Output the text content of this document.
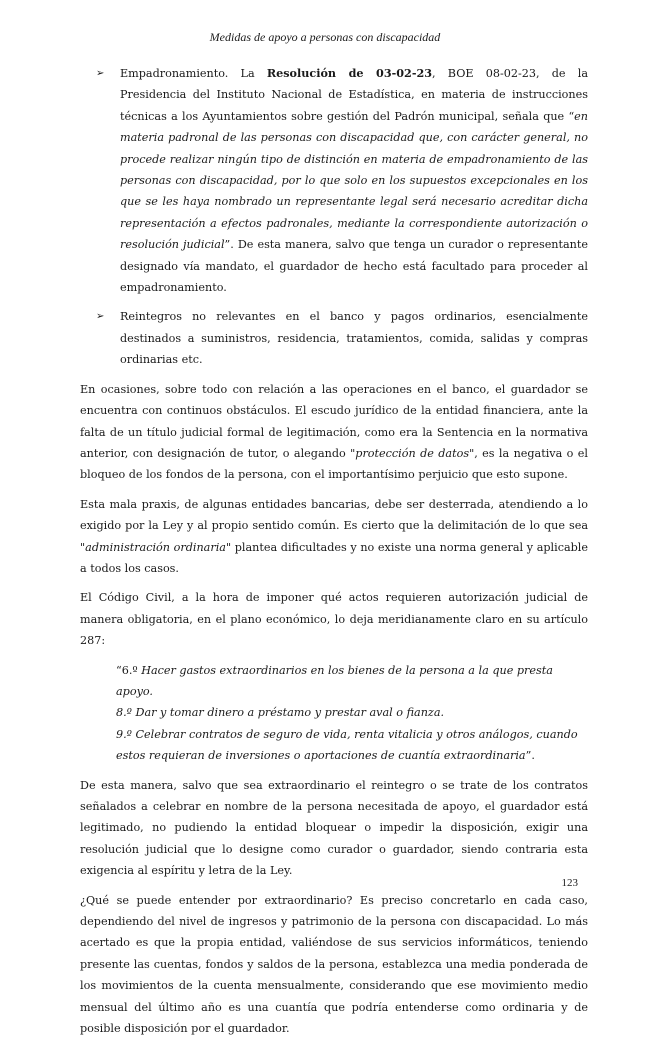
Medidas de apoyo a personas con discapacidad
➢ Empadronamiento. La Resolución de 03-02-23, BOE 08-02-23, de la Presidencia del Instituto Nacional de Estadística, en materia de instrucciones técnicas a los Ayuntamientos sobre gestión del Padrón municipal, señala que “en materia padronal de las personas con discapacidad que, con carácter general, no procede realizar ningún tipo de distinción en materia de empadronamiento de las personas con discapacidad, por lo que solo en los supuestos excepcionales en los que se les haya nombrado un representante legal será necesario acreditar dicha representación a efectos padronales, mediante la correspondiente autorización o resolución judicial”. De esta manera, salvo que tenga un curador o representante designado vía mandato, el guardador de hecho está facultado para proceder al empadronamiento.
➢ Reintegros no relevantes en el banco y pagos ordinarios, esencialmente destinados a suministros, residencia, tratamientos, comida, salidas y compras ordinarias etc.

En ocasiones, sobre todo con relación a las operaciones en el banco, el guardador se encuentra con continuos obstáculos. El escudo jurídico de la entidad financiera, ante la falta de un título judicial formal de legitimación, como era la Sentencia en la normativa anterior, con designación de tutor, o alegando "protección de datos", es la negativa o el bloqueo de los fondos de la persona, con el importantísimo perjuicio que esto supone.

Esta mala praxis, de algunas entidades bancarias, debe ser desterrada, atendiendo a lo exigido por la Ley y al propio sentido común. Es cierto que la delimitación de lo que sea "administración ordinaria" plantea dificultades y no existe una norma general y aplicable a todos los casos.

El Código Civil, a la hora de imponer qué actos requieren autorización judicial de manera obligatoria, en el plano económico, lo deja meridianamente claro en su artículo 287:

“6.º Hacer gastos extraordinarios en los bienes de la persona a la que presta apoyo.
8.º Dar y tomar dinero a préstamo y prestar aval o fianza.
9.º Celebrar contratos de seguro de vida, renta vitalicia y otros análogos, cuando estos requieran de inversiones o aportaciones de cuantía extraordinaria”.

De esta manera, salvo que sea extraordinario el reintegro o se trate de los contratos señalados a celebrar en nombre de la persona necesitada de apoyo, el guardador está legitimado, no pudiendo la entidad bloquear o impedir la disposición, exigir una resolución judicial que lo designe como curador o guardador, siendo contraria esta exigencia al espíritu y letra de la Ley.

¿Qué se puede entender por extraordinario? Es preciso concretarlo en cada caso, dependiendo del nivel de ingresos y patrimonio de la persona con discapacidad. Lo más acertado es que la propia entidad, valiéndose de sus servicios informáticos, teniendo presente las cuentas, fondos y saldos de la persona, establezca una media ponderada de los movimientos de la cuenta mensualmente, considerando que ese movimiento medio mensual del último año es una cuantía que podría entenderse como ordinaria y de posible disposición por el guardador.

123
